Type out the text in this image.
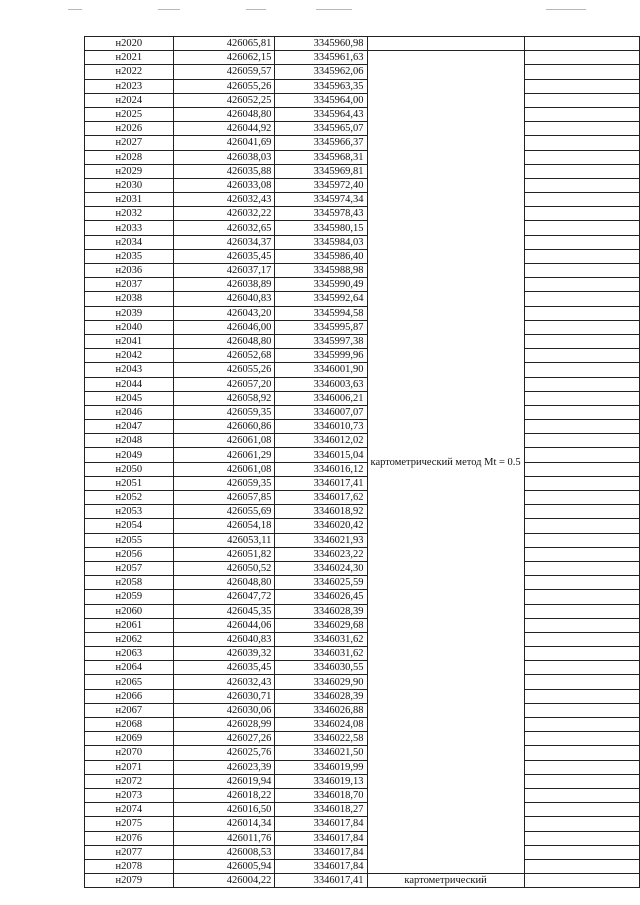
н2020	426065,81	3345960,98		
н2021	426062,15	3345961,63	картометрический метод Mt = 0.5	
н2022	426059,57	3345962,06		
н2023	426055,26	3345963,35		
н2024	426052,25	3345964,00		
н2025	426048,80	3345964,43		
н2026	426044,92	3345965,07		
н2027	426041,69	3345966,37		
н2028	426038,03	3345968,31		
н2029	426035,88	3345969,81		
н2030	426033,08	3345972,40		
н2031	426032,43	3345974,34		
н2032	426032,22	3345978,43		
н2033	426032,65	3345980,15		
н2034	426034,37	3345984,03		
н2035	426035,45	3345986,40		
н2036	426037,17	3345988,98		
н2037	426038,89	3345990,49		
н2038	426040,83	3345992,64		
н2039	426043,20	3345994,58		
н2040	426046,00	3345995,87		
н2041	426048,80	3345997,38		
н2042	426052,68	3345999,96		
н2043	426055,26	3346001,90		
н2044	426057,20	3346003,63		
н2045	426058,92	3346006,21		
н2046	426059,35	3346007,07		
н2047	426060,86	3346010,73		
н2048	426061,08	3346012,02		
н2049	426061,29	3346015,04		
н2050	426061,08	3346016,12		
н2051	426059,35	3346017,41		
н2052	426057,85	3346017,62		
н2053	426055,69	3346018,92		
н2054	426054,18	3346020,42		
н2055	426053,11	3346021,93		
н2056	426051,82	3346023,22		
н2057	426050,52	3346024,30		
н2058	426048,80	3346025,59		
н2059	426047,72	3346026,45		
н2060	426045,35	3346028,39		
н2061	426044,06	3346029,68		
н2062	426040,83	3346031,62		
н2063	426039,32	3346031,62		
н2064	426035,45	3346030,55		
н2065	426032,43	3346029,90		
н2066	426030,71	3346028,39		
н2067	426030,06	3346026,88		
н2068	426028,99	3346024,08		
н2069	426027,26	3346022,58		
н2070	426025,76	3346021,50		
н2071	426023,39	3346019,99		
н2072	426019,94	3346019,13		
н2073	426018,22	3346018,70		
н2074	426016,50	3346018,27		
н2075	426014,34	3346017,84		
н2076	426011,76	3346017,84		
н2077	426008,53	3346017,84		
н2078	426005,94	3346017,84		
н2079	426004,22	3346017,41	картометрический	
